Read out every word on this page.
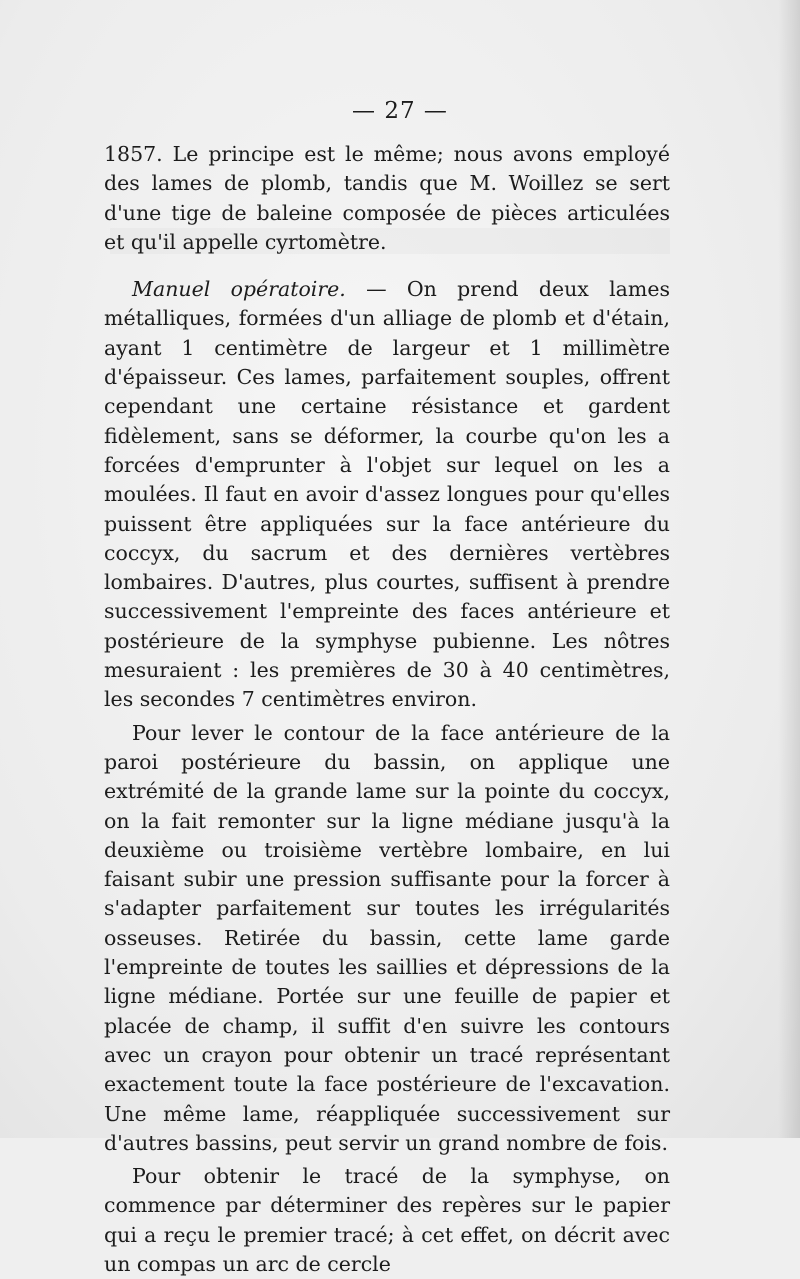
— 27 —

1857. Le principe est le même; nous avons employé des lames de plomb, tandis que M. Woillez se sert d'une tige de baleine composée de pièces articulées et qu'il appelle cyrtomètre.

Manuel opératoire. — On prend deux lames métalliques, formées d'un alliage de plomb et d'étain, ayant 1 centimètre de largeur et 1 millimètre d'épaisseur. Ces lames, parfaitement souples, offrent cependant une certaine résistance et gardent fidèlement, sans se déformer, la courbe qu'on les a forcées d'emprunter à l'objet sur lequel on les a moulées. Il faut en avoir d'assez longues pour qu'elles puissent être appliquées sur la face antérieure du coccyx, du sacrum et des dernières vertèbres lombaires. D'autres, plus courtes, suffisent à prendre successivement l'empreinte des faces antérieure et postérieure de la symphyse pubienne. Les nôtres mesuraient : les premières de 30 à 40 centimètres, les secondes 7 centimètres environ.

Pour lever le contour de la face antérieure de la paroi postérieure du bassin, on applique une extrémité de la grande lame sur la pointe du coccyx, on la fait remonter sur la ligne médiane jusqu'à la deuxième ou troisième vertèbre lombaire, en lui faisant subir une pression suffisante pour la forcer à s'adapter parfaitement sur toutes les irrégularités osseuses. Retirée du bassin, cette lame garde l'empreinte de toutes les saillies et dépressions de la ligne médiane. Portée sur une feuille de papier et placée de champ, il suffit d'en suivre les contours avec un crayon pour obtenir un tracé représentant exactement toute la face postérieure de l'excavation. Une même lame, réappliquée successivement sur d'autres bassins, peut servir un grand nombre de fois.

Pour obtenir le tracé de la symphyse, on commence par déterminer des repères sur le papier qui a reçu le premier tracé; à cet effet, on décrit avec un compas un arc de cercle
